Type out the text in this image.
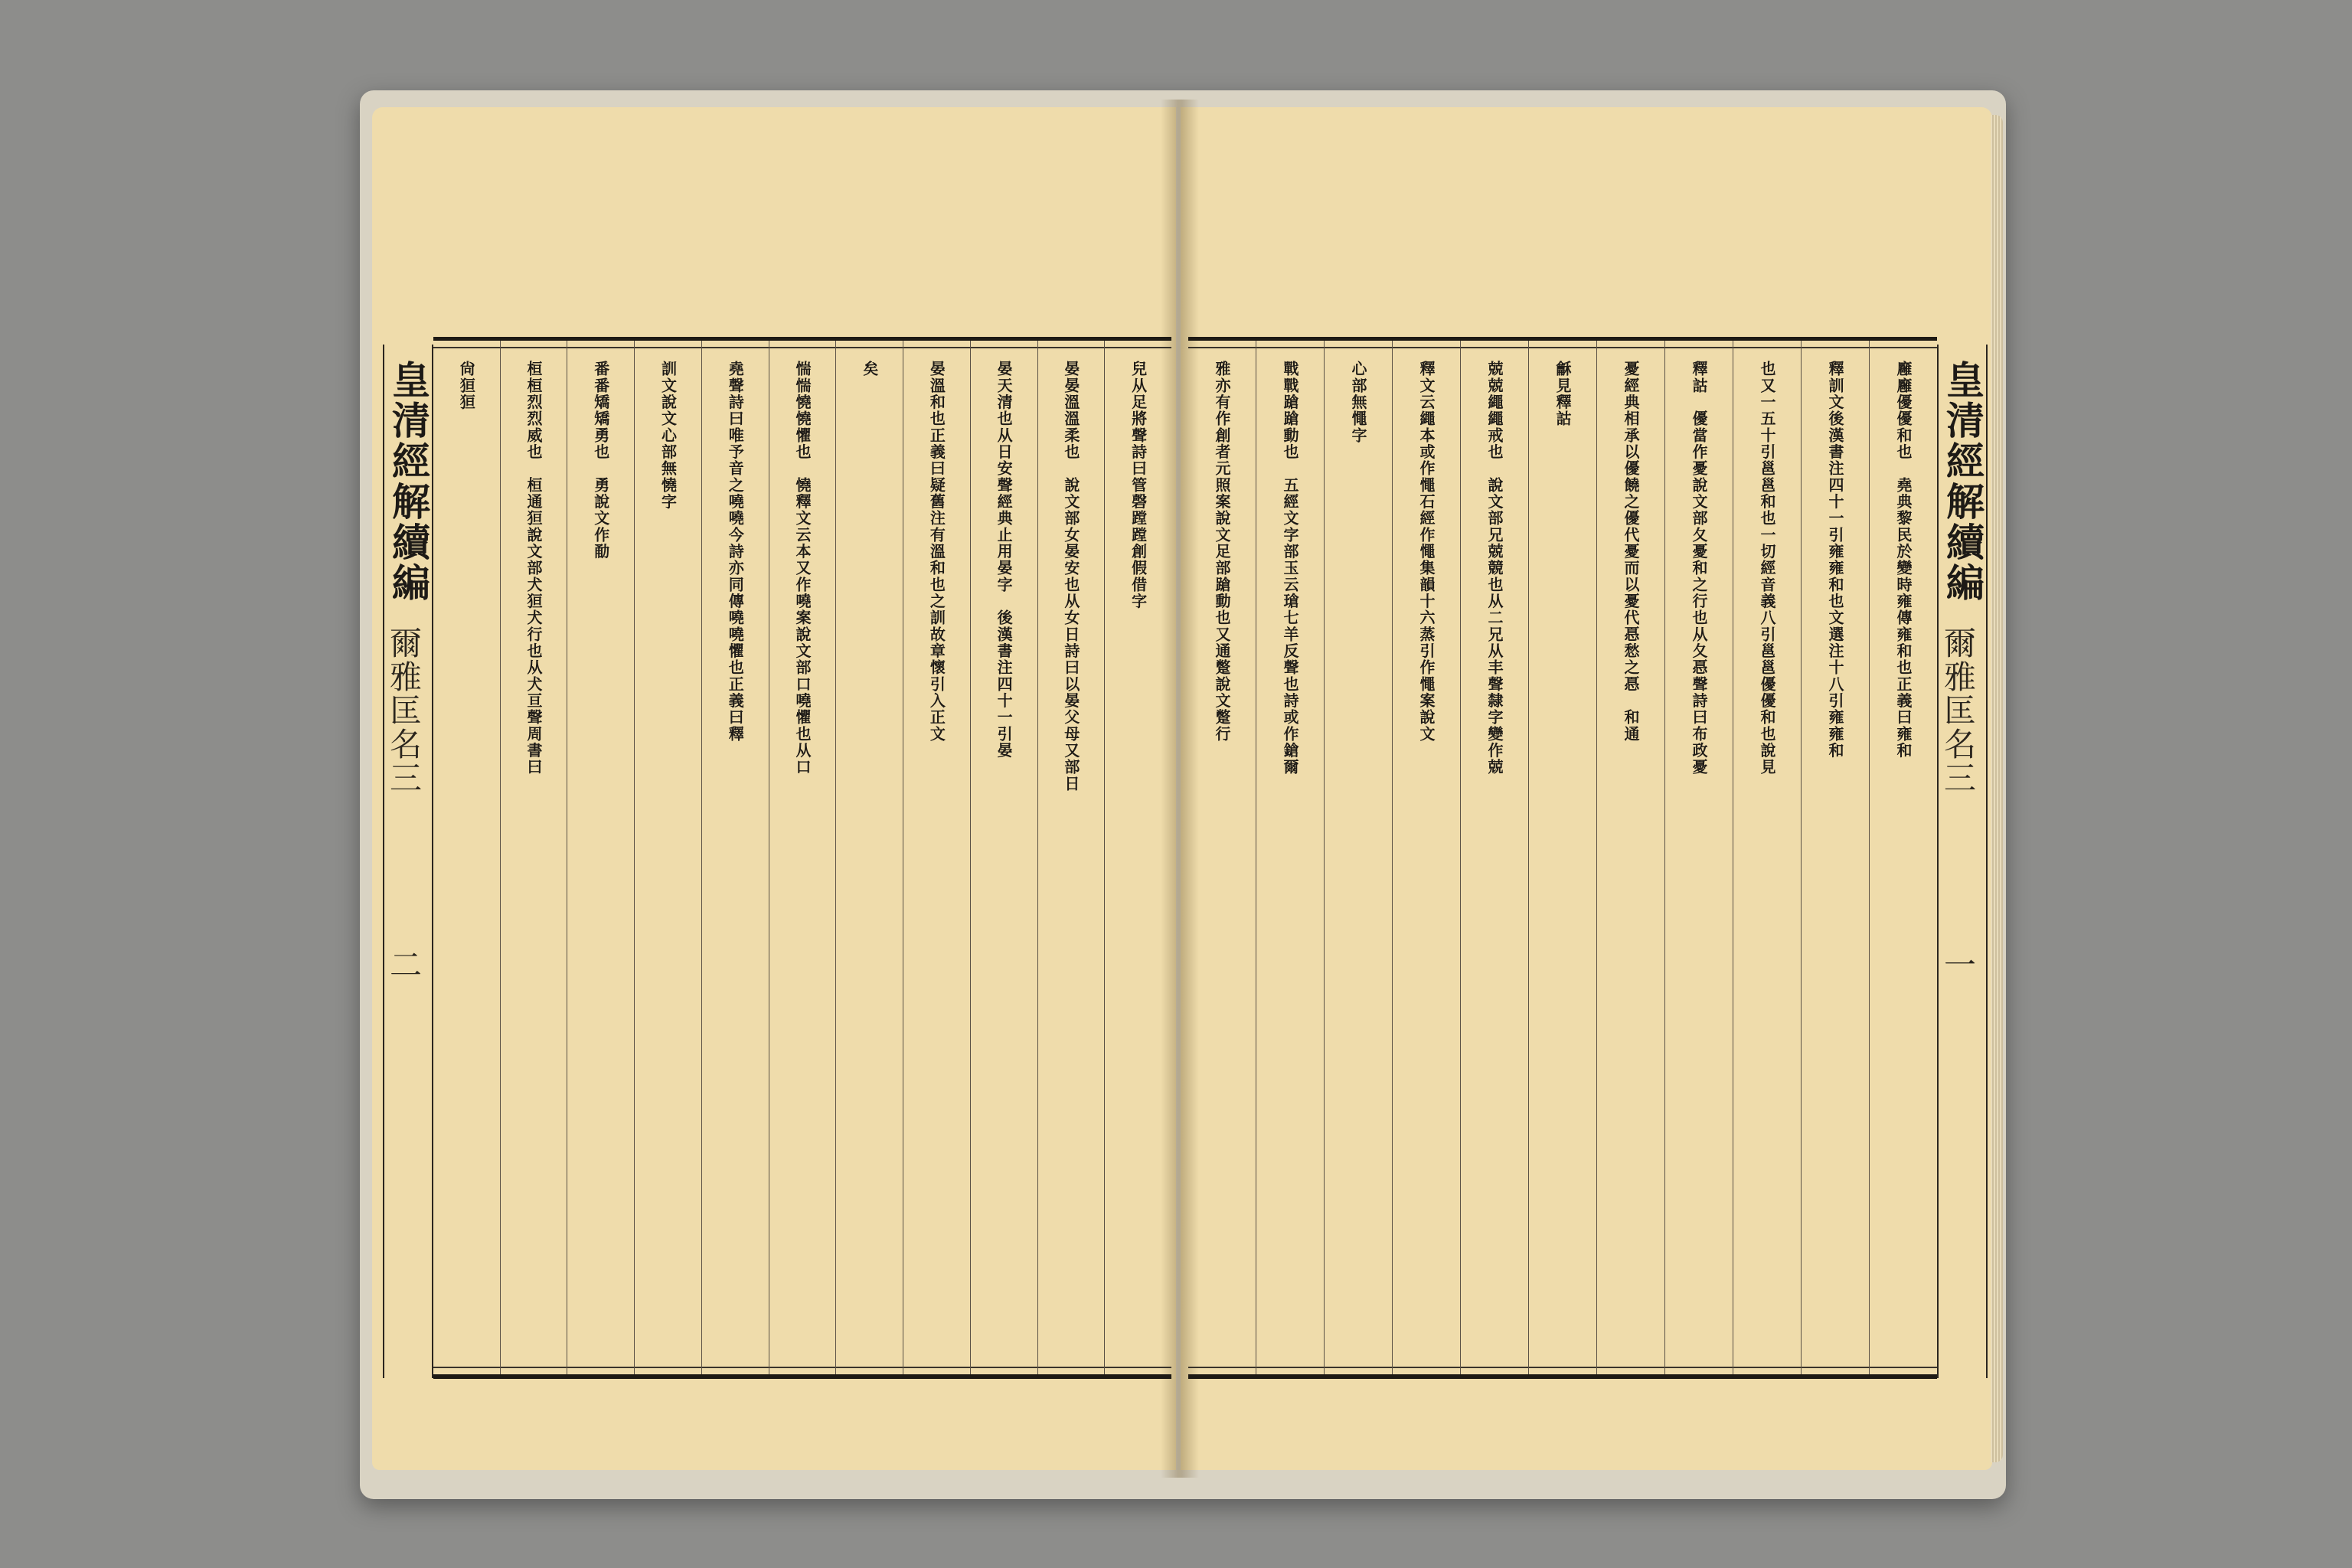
兒从足將聲詩曰管磬蹚蹚創假借字
晏晏溫溫柔也　說文部女晏安也从女日詩曰以晏父母又部日
晏天清也从日安聲經典止用晏字　後漢書注四十一引晏
晏溫和也正義曰疑舊注有溫和也之訓故章懷引入正文
矣
惴惴憢憢懼也　憢釋文云本又作嘵案說文部口嘵懼也从口
堯聲詩曰唯予音之嘵嘵今詩亦同傳嘵嘵懼也正義曰釋
訓文說文心部無憢字
番番矯矯勇也　勇說文作勈
桓桓烈烈威也　桓通狟說文部犬狟犬行也从犬亘聲周書曰
尙狟狟
皇清經解續編
爾雅匡名三
二
廱廱優優和也　堯典黎民於變時雍傳雍和也正義曰雍和
釋訓文後漢書注四十一引雍雍和也文選注十八引雍雍和
也又一五十引邕邕和也一切經音義八引邕邕優優和也說見
釋詁　優當作憂說文部夂憂和之行也从夂㥑聲詩曰布政憂
憂經典相承以優饒之優代憂而以憂代㥑愁之㥑　和通
龢見釋詁
兢兢繩繩戒也　說文部兄兢競也从二兄从丰聲隸字變作兢
釋文云繩本或作憴石經作憴集韻十六蒸引作憴案說文
心部無憴字
戰戰蹌蹌動也　五經文字部玉云瑲七羊反聲也詩或作鎗爾
雅亦有作創者元照案說文足部蹌動也又通蹩說文蹩行	皇清經解續編
爾雅匡名三
一
